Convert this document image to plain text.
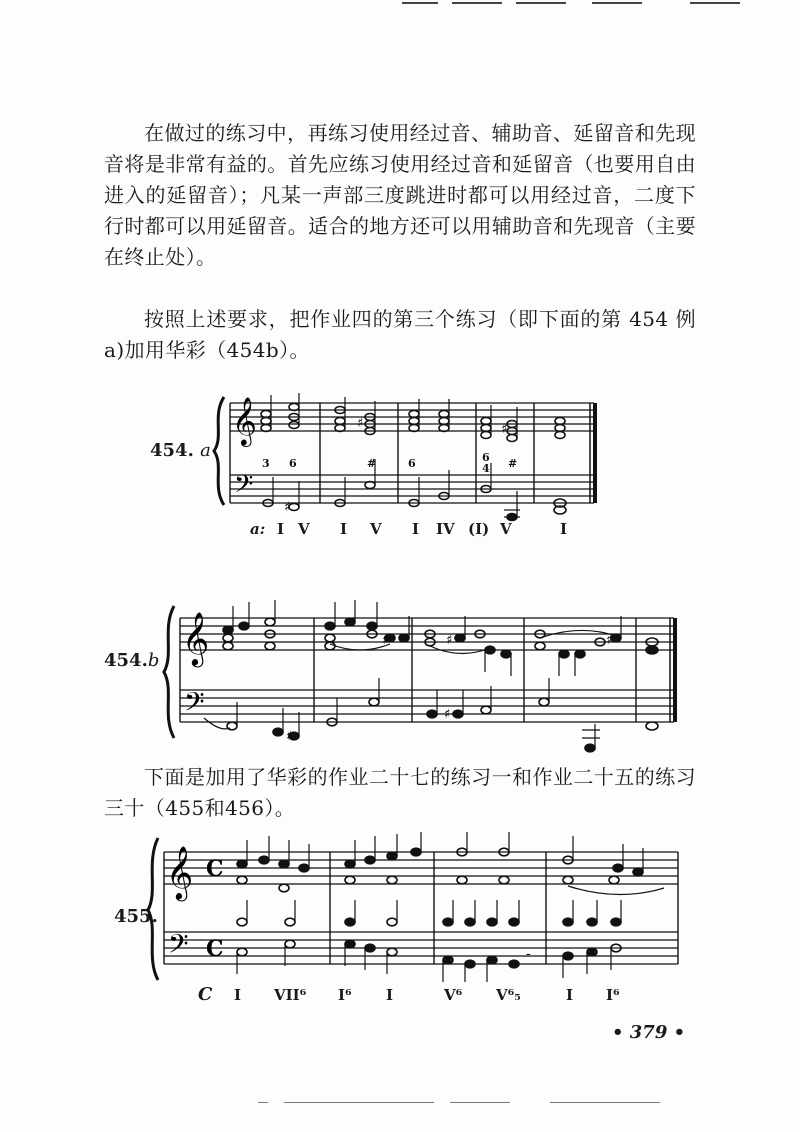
在做过的练习中，再练习使用经过音、辅助音、延留音和先现音将是非常有益的。首先应练习使用经过音和延留音（也要用自由进入的延留音）；凡某一声部三度跳进时都可以用经过音，二度下行时都可以用延留音。适合的地方还可以用辅助音和先现音（主要在终止处）。

按照上述要求，把作业四的第三个练习（即下面的第 454 例 a)加用华彩（454b）。

454. a
𝄞
𝄢
♯
♯
♯
3 6	#	6	6
4 #
a: I V I V I IV (I) V	I
454.b 𝄞
𝄢
♯	♯	♯
♯
♯

下面是加用了华彩的作业二十七的练习一和作业二十五的练习三十（455和456）。

455.
𝄞
𝄢
C
C	-
C I VII⁶ I⁶ I	V⁶ V⁶₅	I I⁶
• 379 •
